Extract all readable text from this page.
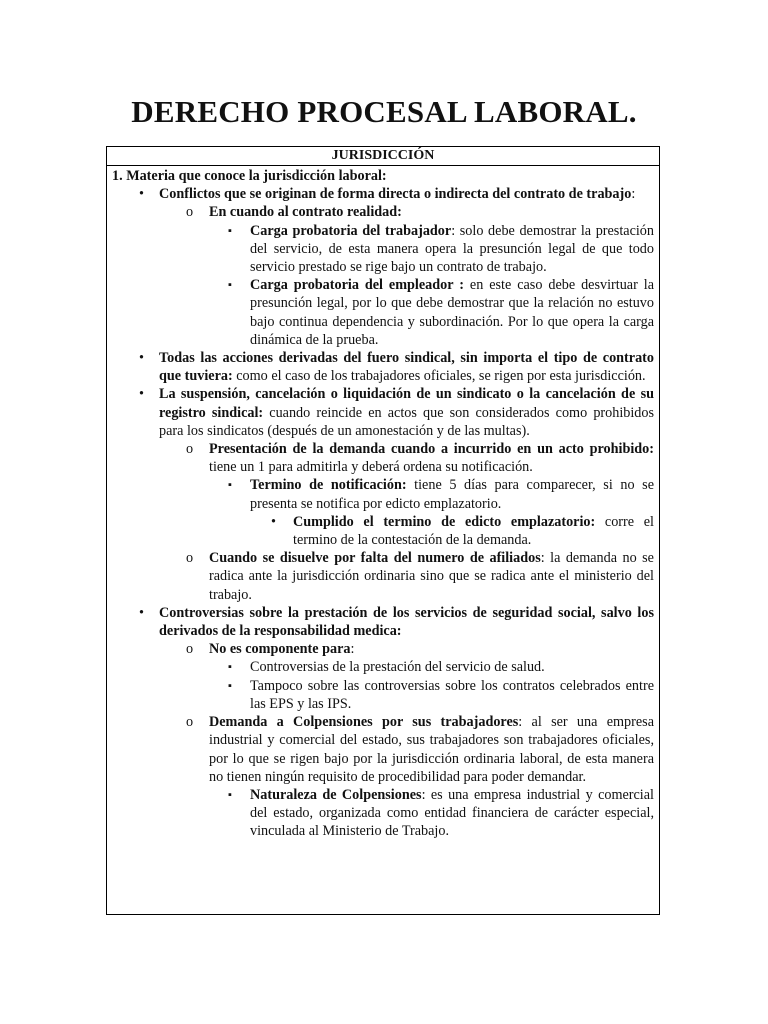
DERECHO PROCESAL LABORAL.
JURISDICCIÓN

1. Materia que conoce la jurisdicción laboral:

•	Conflictos que se originan de forma directa o indirecta del contrato de trabajo:

o	En cuando al contrato realidad:

▪	Carga probatoria del trabajador: solo debe demostrar la prestación del servicio, de esta manera opera la presunción legal de que todo servicio prestado se rige bajo un contrato de trabajo.

▪	Carga probatoria del empleador : en este caso debe desvirtuar la presunción legal, por lo que debe demostrar que la relación no estuvo bajo continua dependencia y subordinación. Por lo que opera la carga dinámica de la prueba.

•	Todas las acciones derivadas del fuero sindical, sin importa el tipo de contrato que tuviera: como el caso de los trabajadores oficiales, se rigen por esta jurisdicción.

•	La suspensión, cancelación o liquidación de un sindicato o la cancelación de su registro sindical: cuando reincide en actos que son considerados como prohibidos para los sindicatos (después de un amonestación y de las multas).

o	Presentación de la demanda cuando a incurrido en un acto prohibido: tiene un 1 para admitirla y deberá ordena su notificación.

▪	Termino de notificación: tiene 5 días para comparecer, si no se presenta se notifica por edicto emplazatorio.

•	Cumplido el termino de edicto emplazatorio: corre el termino de la contestación de la demanda.

o	Cuando se disuelve por falta del numero de afiliados: la demanda no se radica ante la jurisdicción ordinaria sino que se radica ante el ministerio del trabajo.

•	Controversias sobre la prestación de los servicios de seguridad social, salvo los derivados de la responsabilidad medica:

o	No es componente para:

▪	Controversias de la prestación del servicio de salud.

▪	Tampoco sobre las controversias sobre los contratos celebrados entre las EPS y las IPS.

o	Demanda a Colpensiones por sus trabajadores: al ser una empresa industrial y comercial del estado, sus trabajadores son trabajadores oficiales, por lo que se rigen bajo por la jurisdicción ordinaria laboral, de esta manera no tienen ningún requisito de procedibilidad para poder demandar.

▪	Naturaleza de Colpensiones: es una empresa industrial y comercial del estado, organizada como entidad financiera de carácter especial, vinculada al Ministerio de Trabajo.
